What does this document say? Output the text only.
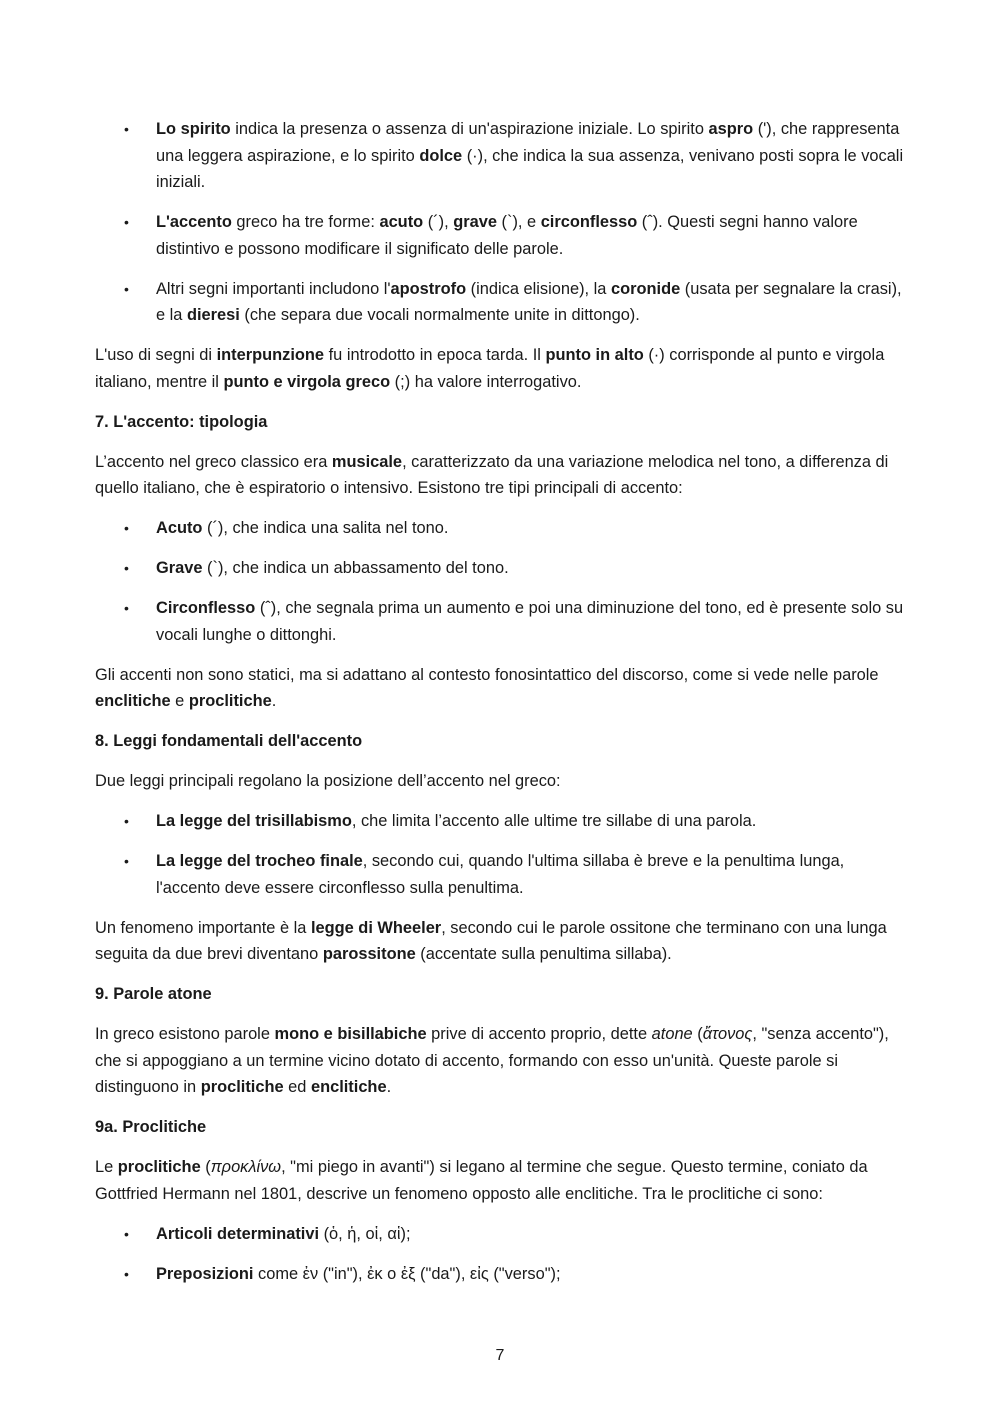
• Lo spirito indica la presenza o assenza di un'aspirazione iniziale. Lo spirito aspro ('), che rappresenta una leggera aspirazione, e lo spirito dolce (·), che indica la sua assenza, venivano posti sopra le vocali iniziali.
• L'accento greco ha tre forme: acuto (´), grave (`), e circonflesso (ˆ). Questi segni hanno valore distintivo e possono modificare il significato delle parole.
• Altri segni importanti includono l'apostrofo (indica elisione), la coronide (usata per segnalare la crasi), e la dieresi (che separa due vocali normalmente unite in dittongo).

L'uso di segni di interpunzione fu introdotto in epoca tarda. Il punto in alto (·) corrisponde al punto e virgola italiano, mentre il punto e virgola greco (;) ha valore interrogativo.

7. L'accento: tipologia

L’accento nel greco classico era musicale, caratterizzato da una variazione melodica nel tono, a differenza di quello italiano, che è espiratorio o intensivo. Esistono tre tipi principali di accento:

• Acuto (´), che indica una salita nel tono.
• Grave (`), che indica un abbassamento del tono.
• Circonflesso (ˆ), che segnala prima un aumento e poi una diminuzione del tono, ed è presente solo su vocali lunghe o dittonghi.

Gli accenti non sono statici, ma si adattano al contesto fonosintattico del discorso, come si vede nelle parole enclitiche e proclitiche.

8. Leggi fondamentali dell'accento

Due leggi principali regolano la posizione dell’accento nel greco:

• La legge del trisillabismo, che limita l’accento alle ultime tre sillabe di una parola.
• La legge del trocheo finale, secondo cui, quando l'ultima sillaba è breve e la penultima lunga, l'accento deve essere circonflesso sulla penultima.

Un fenomeno importante è la legge di Wheeler, secondo cui le parole ossitone che terminano con una lunga seguita da due brevi diventano parossitone (accentate sulla penultima sillaba).

9. Parole atone

In greco esistono parole mono e bisillabiche prive di accento proprio, dette atone (ἄτονος, "senza accento"), che si appoggiano a un termine vicino dotato di accento, formando con esso un'unità. Queste parole si distinguono in proclitiche ed enclitiche.

9a. Proclitiche

Le proclitiche (προκλίνω, "mi piego in avanti") si legano al termine che segue. Questo termine, coniato da Gottfried Hermann nel 1801, descrive un fenomeno opposto alle enclitiche. Tra le proclitiche ci sono:

• Articoli determinativi (ὁ, ἡ, οἱ, αἱ);
• Preposizioni come ἐν ("in"), ἐκ o ἐξ ("da"), εἰς ("verso");
7
